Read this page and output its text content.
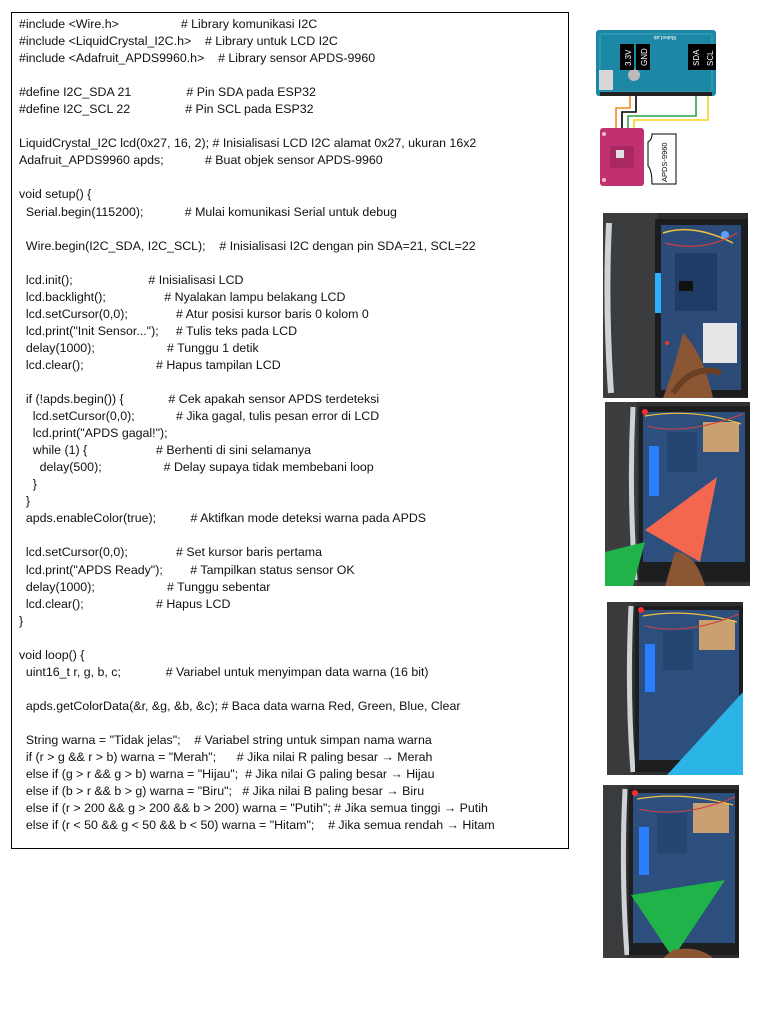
#include <Wire.h>                  # Library komunikasi I2C
#include <LiquidCrystal_I2C.h>    # Library untuk LCD I2C
#include <Adafruit_APDS9960.h>    # Library sensor APDS-9960

#define I2C_SDA 21                # Pin SDA pada ESP32
#define I2C_SCL 22                # Pin SCL pada ESP32

LiquidCrystal_I2C lcd(0x27, 16, 2); # Inisialisasi LCD I2C alamat 0x27, ukuran 16x2
Adafruit_APDS9960 apds;            # Buat objek sensor APDS-9960

void setup() {
Serial.begin(115200);            # Mulai komunikasi Serial untuk debug

Wire.begin(I2C_SDA, I2C_SCL);    # Inisialisasi I2C dengan pin SDA=21, SCL=22

lcd.init();                      # Inisialisasi LCD
lcd.backlight();                 # Nyalakan lampu belakang LCD
lcd.setCursor(0,0);              # Atur posisi kursor baris 0 kolom 0
lcd.print("Init Sensor...");     # Tulis teks pada LCD
delay(1000);                     # Tunggu 1 detik
lcd.clear();                     # Hapus tampilan LCD

if (!apds.begin()) {             # Cek apakah sensor APDS terdeteksi
lcd.setCursor(0,0);            # Jika gagal, tulis pesan error di LCD
lcd.print("APDS gagal!");
while (1) {                    # Berhenti di sini selamanya
delay(500);                  # Delay supaya tidak membebani loop
}
}
apds.enableColor(true);          # Aktifkan mode deteksi warna pada APDS

lcd.setCursor(0,0);              # Set kursor baris pertama
lcd.print("APDS Ready");        # Tampilkan status sensor OK
delay(1000);                     # Tunggu sebentar
lcd.clear();                     # Hapus LCD
}

void loop() {
uint16_t r, g, b, c;             # Variabel untuk menyimpan data warna (16 bit)

apds.getColorData(&r, &g, &b, &c); # Baca data warna Red, Green, Blue, Clear

String warna = "Tidak jelas";    # Variabel string untuk simpan nama warna
if (r > g && r > b) warna = "Merah";      # Jika nilai R paling besar → Merah
else if (g > r && g > b) warna = "Hijau";  # Jika nilai G paling besar → Hijau
else if (b > r && b > g) warna = "Biru";   # Jika nilai B paling besar → Biru
else if (r > 200 && g > 200 && b > 200) warna = "Putih"; # Jika semua tinggi → Putih
else if (r < 50 && g < 50 && b < 50) warna = "Hitam";    # Jika semua rendah → Hitam
MakerLab
3.3V GND	SDA SCL
APDS-9960
